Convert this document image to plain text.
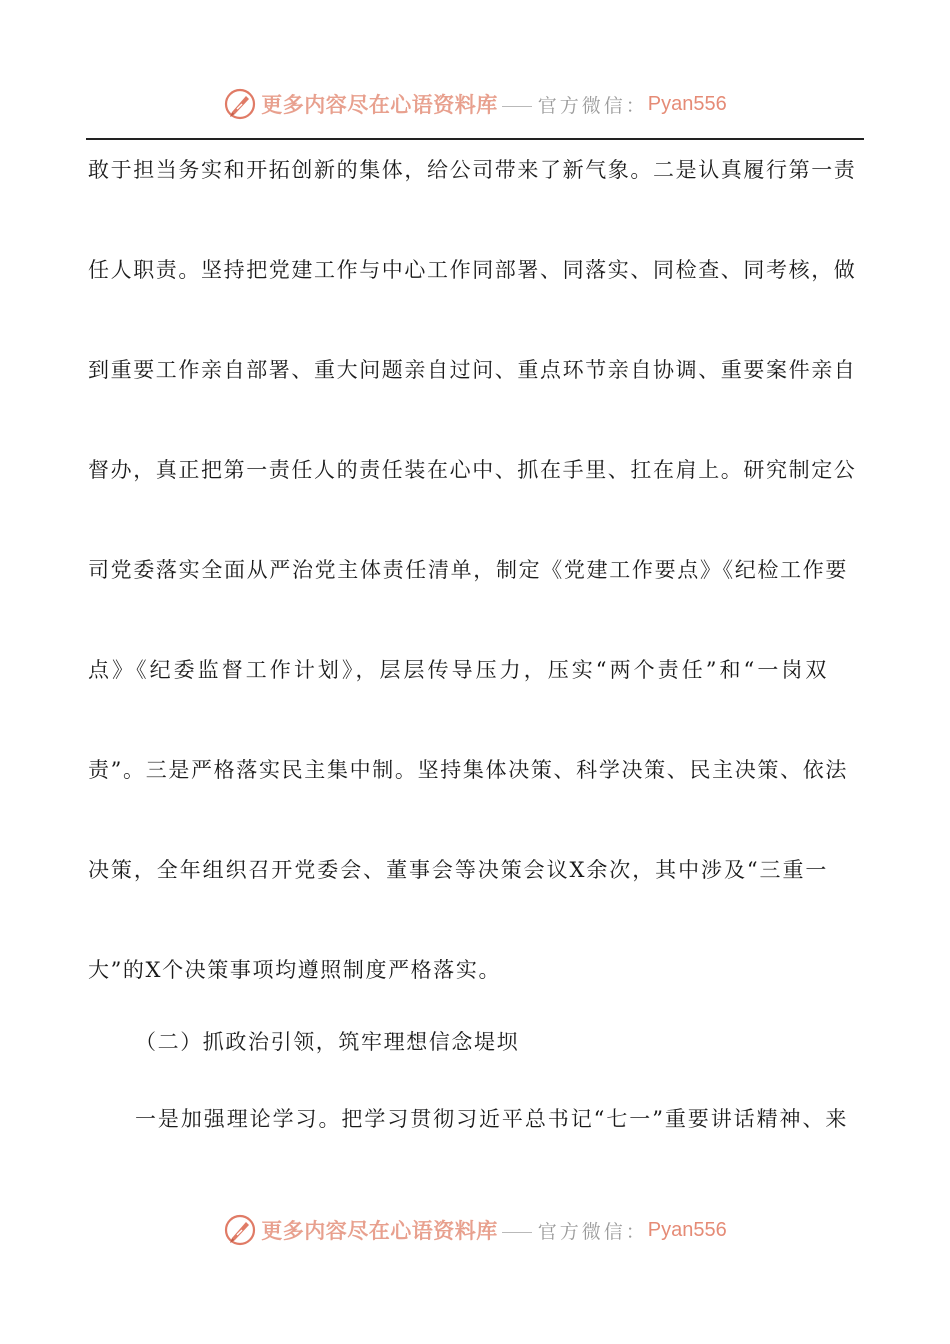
更多内容尽在心语资料库 官方微信： Pyan556
敢于担当务实和开拓创新的集体，给公司带来了新气象。二是认真履行第一责
任人职责。坚持把党建工作与中心工作同部署、同落实、同检查、同考核，做
到重要工作亲自部署、重大问题亲自过问、重点环节亲自协调、重要案件亲自
督办，真正把第一责任人的责任装在心中、抓在手里、扛在肩上。研究制定公
司党委落实全面从严治党主体责任清单，制定《党建工作要点》《纪检工作要
点》《纪委监督工作计划》，层层传导压力，压实“两个责任”和“一岗双
责”。三是严格落实民主集中制。坚持集体决策、科学决策、民主决策、依法
决策，全年组织召开党委会、董事会等决策会议X余次，其中涉及“三重一
大”的X个决策事项均遵照制度严格落实。
（二）抓政治引领，筑牢理想信念堤坝
一是加强理论学习。把学习贯彻习近平总书记“七一”重要讲话精神、来
更多内容尽在心语资料库 官方微信： Pyan556
